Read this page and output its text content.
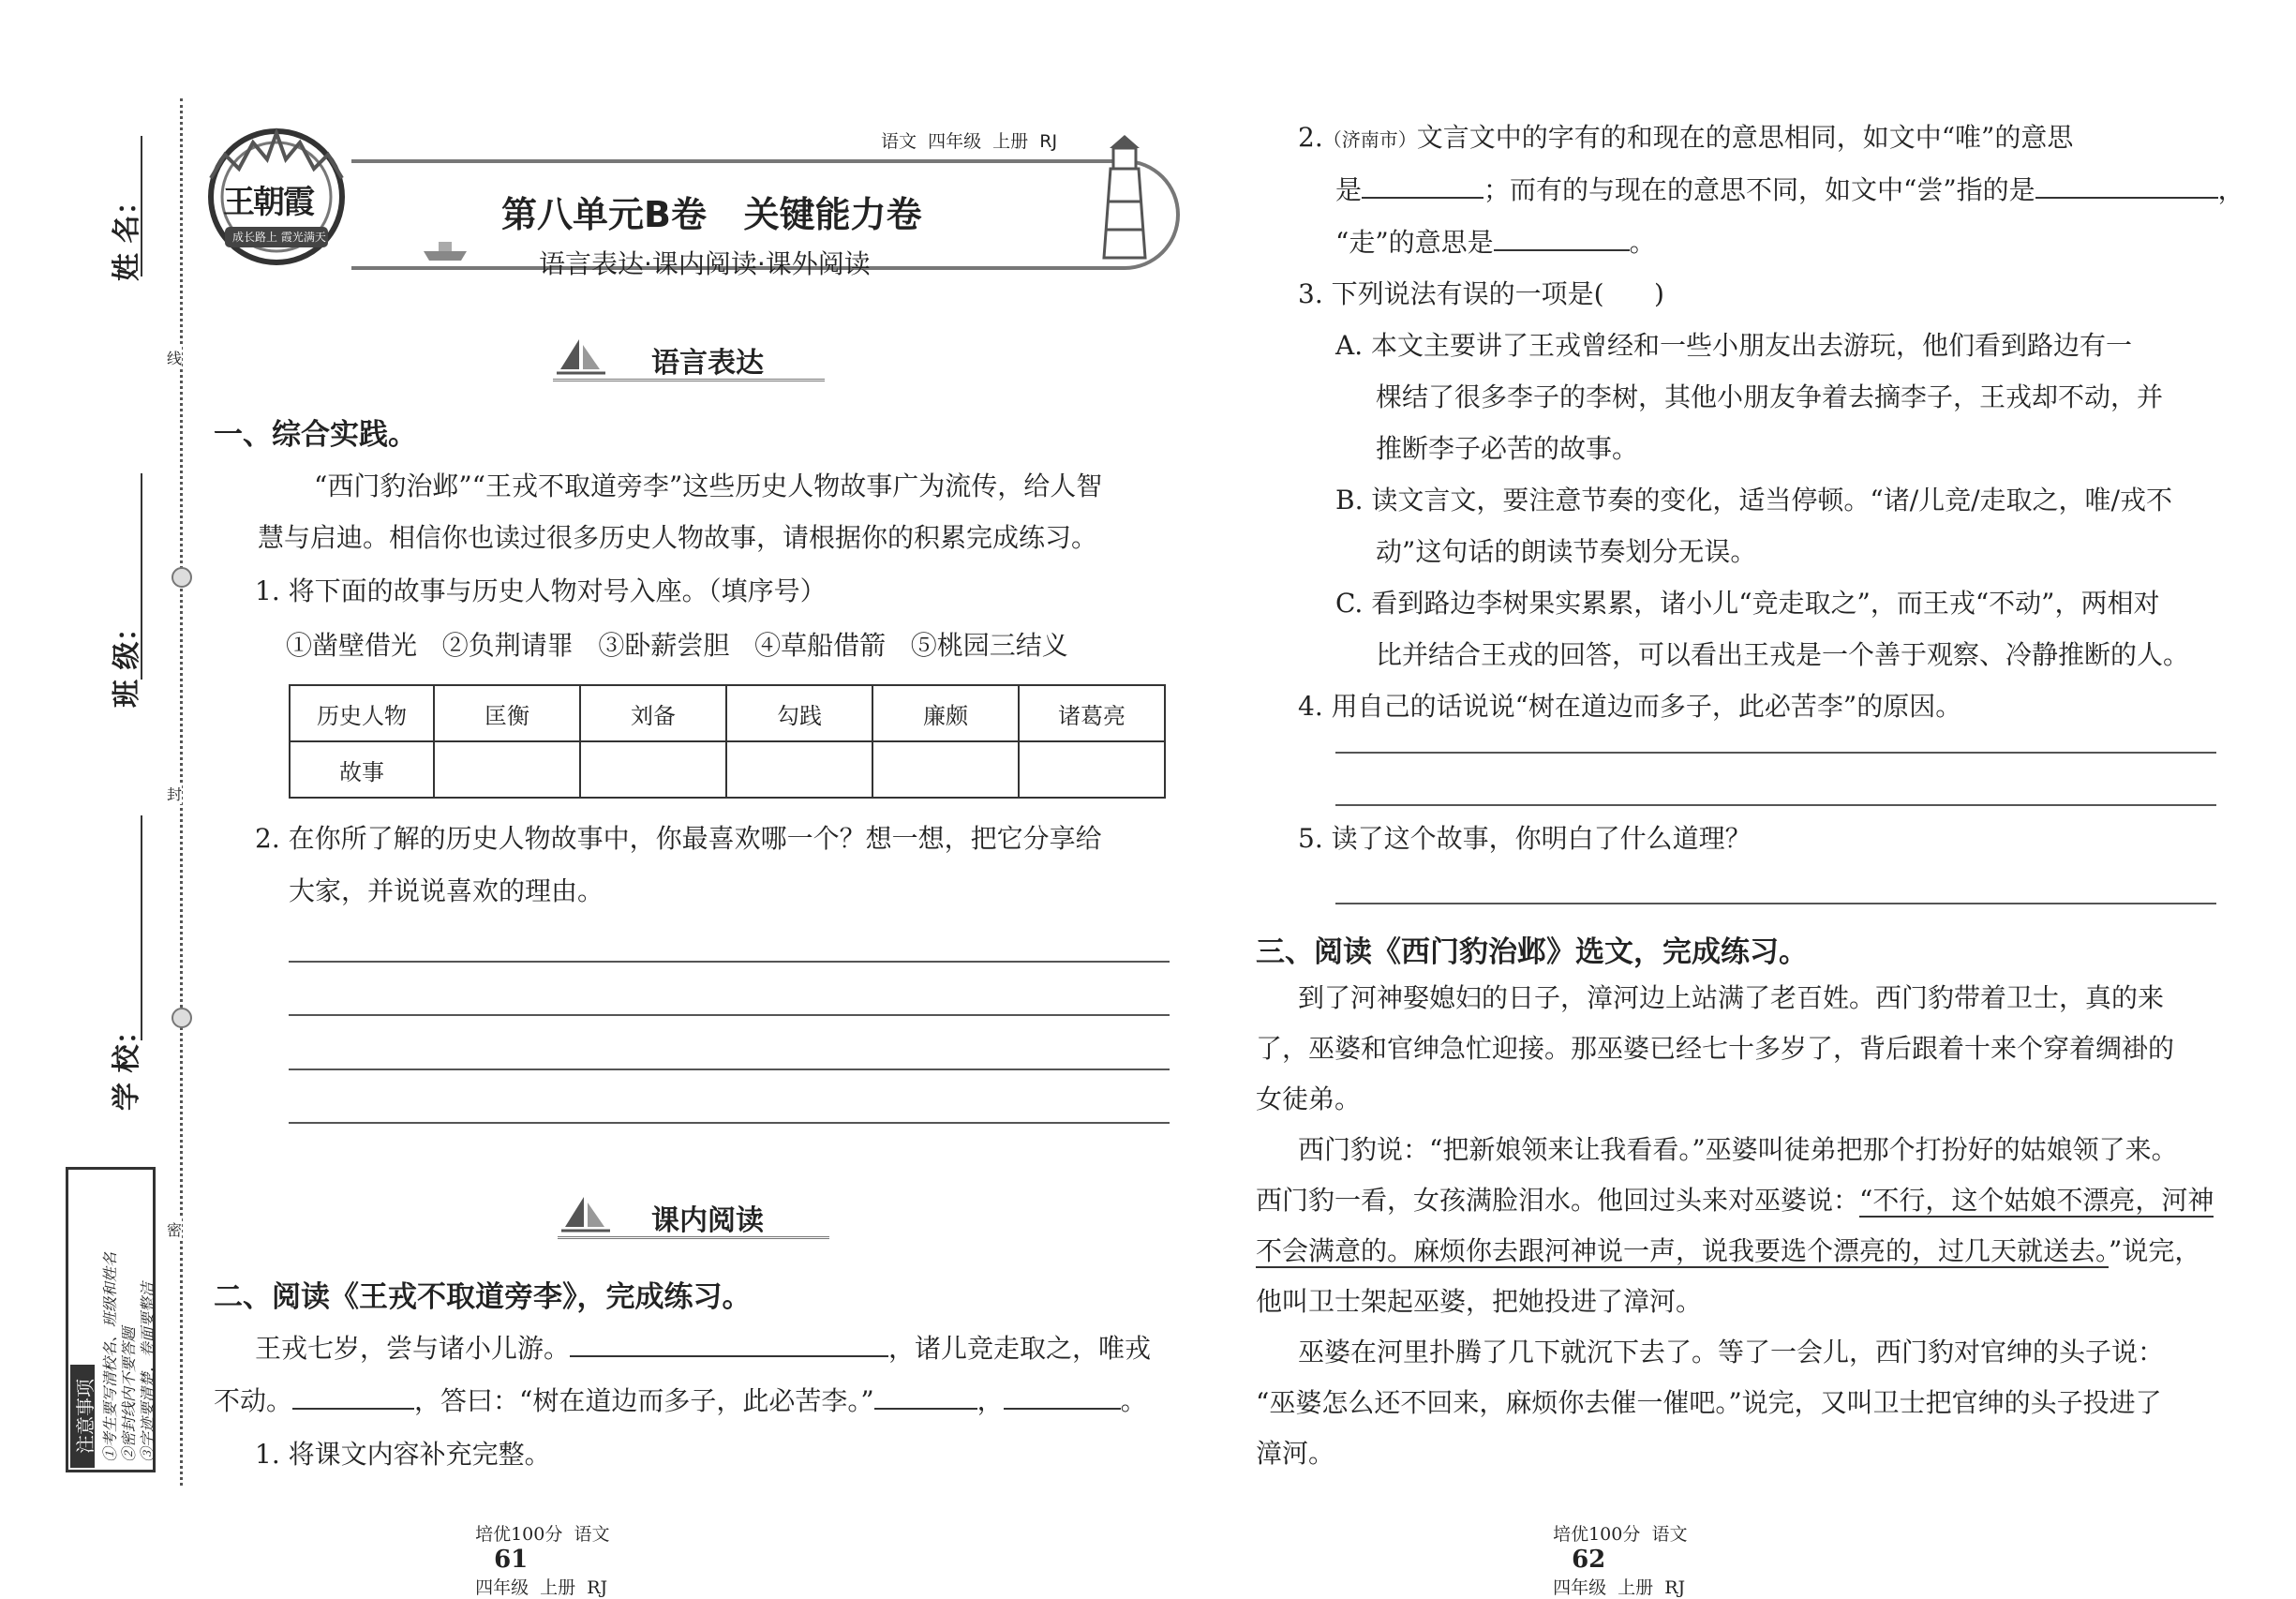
姓 名：
班 级：
学 校：
线
封
密
注意事项 ①考生要写清校名、班级和姓名 ②密封线内不要答题 ③字迹要清楚，卷面要整洁
王朝霞
成长路上 霞光满天
语文  四年级  上册  RJ
第八单元B卷   关键能力卷
语言表达·课内阅读·课外阅读
语言表达
一、综合实践。
“西门豹治邺”“王戎不取道旁李”这些历史人物故事广为流传，给人智
慧与启迪。相信你也读过很多历史人物故事，请根据你的积累完成练习。
1. 将下面的故事与历史人物对号入座。（填序号）
①凿壁借光   ②负荆请罪   ③卧薪尝胆   ④草船借箭   ⑤桃园三结义
历史人物	匡衡	刘备	勾践	廉颇	诸葛亮
故事					
2. 在你所了解的历史人物故事中，你最喜欢哪一个？想一想，把它分享给
大家，并说说喜欢的理由。
课内阅读
二、阅读《王戎不取道旁李》，完成练习。
王戎七岁，尝与诸小儿游。	，诸儿竞走取之，唯戎
不动。	，答曰：“树在道边而多子，此必苦李。”	，	。
1. 将课文内容补充完整。

培优100分  语文
61
四年级  上册  RJ

2.（济南市）文言文中的字有的和现在的意思相同，如文中“唯”的意思
是	；而有的与现在的意思不同，如文中“尝”指的是	，
“走”的意思是	。
3. 下列说法有误的一项是(      )
A. 本文主要讲了王戎曾经和一些小朋友出去游玩，他们看到路边有一
棵结了很多李子的李树，其他小朋友争着去摘李子，王戎却不动，并
推断李子必苦的故事。
B. 读文言文，要注意节奏的变化，适当停顿。“诸/儿竞/走取之，唯/戎不
动”这句话的朗读节奏划分无误。
C. 看到路边李树果实累累，诸小儿“竞走取之”，而王戎“不动”，两相对
比并结合王戎的回答，可以看出王戎是一个善于观察、冷静推断的人。
4. 用自己的话说说“树在道边而多子，此必苦李”的原因。
5. 读了这个故事，你明白了什么道理？
三、阅读《西门豹治邺》选文，完成练习。
到了河神娶媳妇的日子，漳河边上站满了老百姓。西门豹带着卫士，真的来
了，巫婆和官绅急忙迎接。那巫婆已经七十多岁了，背后跟着十来个穿着绸褂的
女徒弟。
西门豹说：“把新娘领来让我看看。”巫婆叫徒弟把那个打扮好的姑娘领了来。
西门豹一看，女孩满脸泪水。他回过头来对巫婆说：“不行，这个姑娘不漂亮，河神
不会满意的。麻烦你去跟河神说一声，说我要选个漂亮的，过几天就送去。”说完，
他叫卫士架起巫婆，把她投进了漳河。
巫婆在河里扑腾了几下就沉下去了。等了一会儿，西门豹对官绅的头子说：
“巫婆怎么还不回来，麻烦你去催一催吧。”说完，又叫卫士把官绅的头子投进了
漳河。

培优100分  语文
62
四年级  上册  RJ
